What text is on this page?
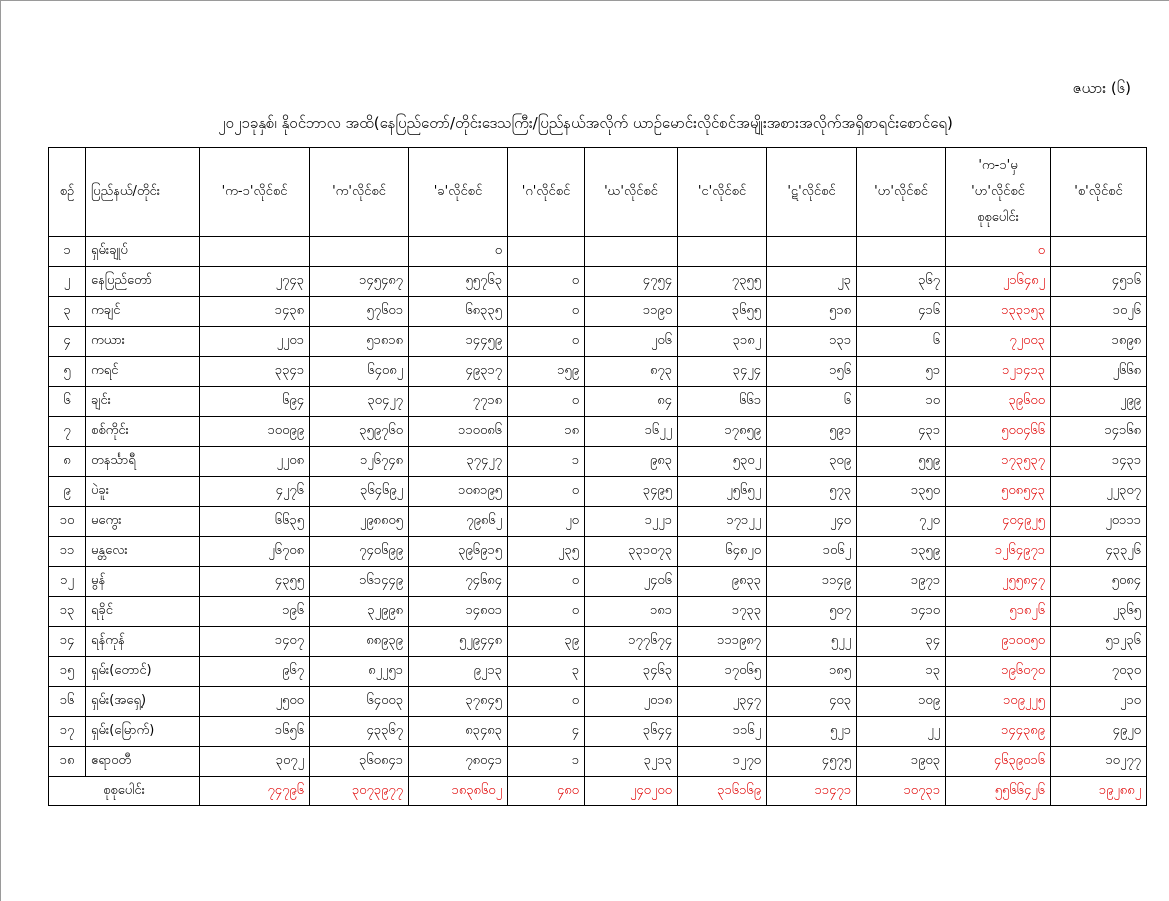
ဇယား (၆)
၂၀၂၁ခုနှစ်၊ နိုဝင်ဘာလ အထိ(နေပြည်တော်/တိုင်းဒေသကြီး/ပြည်နယ်အလိုက် ယာဉ်မောင်းလိုင်စင်အမျိုးအစားအလိုက်အရှိစာရင်းစောင်ရေ)
စဉ်	ပြည်နယ်/တိုင်း	'က-၁'လိုင်စင်	'က'လိုင်စင်	'ခ'လိုင်စင်	'ဂ'လိုင်စင်	'ဃ'လိုင်စင်	'င'လိုင်စင်	'ဋ'လိုင်စင်	'ဟ'လိုင်စင်	'က-၁'မှ
'ဟ'လိုင်စင်
စုစုပေါင်း	'စ'လိုင်စင်
၁	ရှမ်းချုပ်			၀						၀	
၂	နေပြည်တော်	၂၇၄၃	၁၄၅၄၈၇	၅၅၇၆၃	၀	၄၇၅၄	၇၃၅၅	၂၃	၃၆၇	၂၁၆၄၈၂	၄၅၁၆
၃	ကချင်	၁၄၃၈	၅၇၆၀၁	၆၈၃၃၅	၀	၁၁၉၀	၃၆၅၅	၅၁၈	၄၁၆	၁၃၃၁၅၃	၁၀၂၆
၄	ကယား	၂၂၀၁	၅၁၈၁၈	၁၄၄၅၉	၀	၂၀၆	၃၁၈၂	၁၃၁	၆	၇၂၀၀၃	၁၈၉၈
၅	ကရင်	၃၃၄၁	၆၄၀၈၂	၄၉၃၁၇	၁၅၉	၈၇၃	၃၄၂၄	၁၅၆	၅၁	၁၂၁၄၁၃	၂၆၆၈
၆	ချင်း	၆၉၄	၃၀၄၂၇	၇၇၁၈	၀	၈၄	၆၆၁	၆	၁၀	၃၉၆၀၀	၂၉၉
၇	စစ်ကိုင်း	၁၀၀၉၉	၃၅၉၇၆၀	၁၁၀၀၈၆	၁၈	၁၆၂၂	၁၇၈၅၉	၅၉၁	၄၃၁	၅၀၀၄၆၆	၁၄၁၆၈
၈	တနင်္သာရီ	၂၂၀၈	၁၂၆၇၄၈	၃၇၄၂၇	၁	၉၈၃	၅၃၀၂	၃၀၉	၅၅၉	၁၇၃၅၃၇	၁၄၃၁
၉	ပဲခူး	၄၂၇၆	၃၆၄၆၉၂	၁၀၈၁၉၅	၀	၃၄၉၅	၂၅၆၅၂	၅၇၃	၁၃၅၀	၅၀၈၅၄၃	၂၂၃၀၇
၁၀	မကွေး	၆၆၃၅	၂၉၈၈၀၅	၇၉၈၆၂	၂၀	၁၂၂၁	၁၇၁၂၂	၂၄၀	၇၂၀	၄၀၄၉၂၅	၂၀၁၁၁
၁၁	မန္တလေး	၂၆၇၀၈	၇၄၀၆၉၉	၃၉၆၉၁၅	၂၃၅	၃၃၁၀၇၃	၆၄၈၂၀	၁၀၆၂	၁၃၅၉	၁၂၆၄၉၇၁	၄၃၃၂၆
၁၂	မွန်	၄၃၅၅	၁၆၁၄၄၉	၇၄၆၈၄	၀	၂၄၀၆	၉၈၃၃	၁၁၄၉	၁၉၇၁	၂၅၅၈၄၇	၅၀၈၄
၁၃	ရခိုင်	၁၉၆	၃၂၉၉၈	၁၄၈၀၁	၀	၁၈၁	၁၇၃၃	၅၀၇	၁၄၁၀	၅၁၈၂၆	၂၃၆၅
၁၄	ရန်ကုန်	၁၄၀၇	၈၈၉၃၉	၅၂၉၄၄၈	၃၉	၁၇၇၆၇၄	၁၁၁၉၈၇	၅၂၂	၃၄	၉၁၀၀၅၀	၅၁၂၃၆
၁၅	ရှမ်း(တောင်)	၉၆၇	၈၂၂၅၁	၉၂၁၃	၃	၃၄၆၃	၁၇၀၆၅	၁၈၅	၁၃	၁၉၆၀၇၀	၇၀၃၀
၁၆	ရှမ်း(အရှေ့)	၂၅၀၀	၆၄၀၀၃	၃၇၈၄၅	၀	၂၀၁၈	၂၃၄၇	၄၀၃	၁၀၉	၁၀၉၂၂၅	၂၁၀
၁၇	ရှမ်း(မြောက်)	၁၆၅၆	၄၃၃၆၇	၈၃၄၈၃	၄	၃၆၄၄	၁၁၆၂	၅၂၁	၂၂	၁၄၄၃၈၉	၄၉၂၀
၁၈	ဧရာဝတီ	၃၀၇၂	၃၆၀၈၄၁	၇၈၀၄၁	၁	၃၂၁၃	၁၂၇၀	၄၅၇၅	၁၉၀၃	၄၆၃၉၀၁၆	၁၀၂၇၇
စုစုပေါင်း		၇၄၇၉၆	၃၀၇၃၉၇၇	၁၈၃၈၆၀၂	၄၈၀	၂၄၀၂၀၀	၃၁၆၁၆၉	၁၁၄၇၁	၁၀၇၃၁	၅၅၆၆၄၂၆	၁၉၂၈၈၂
